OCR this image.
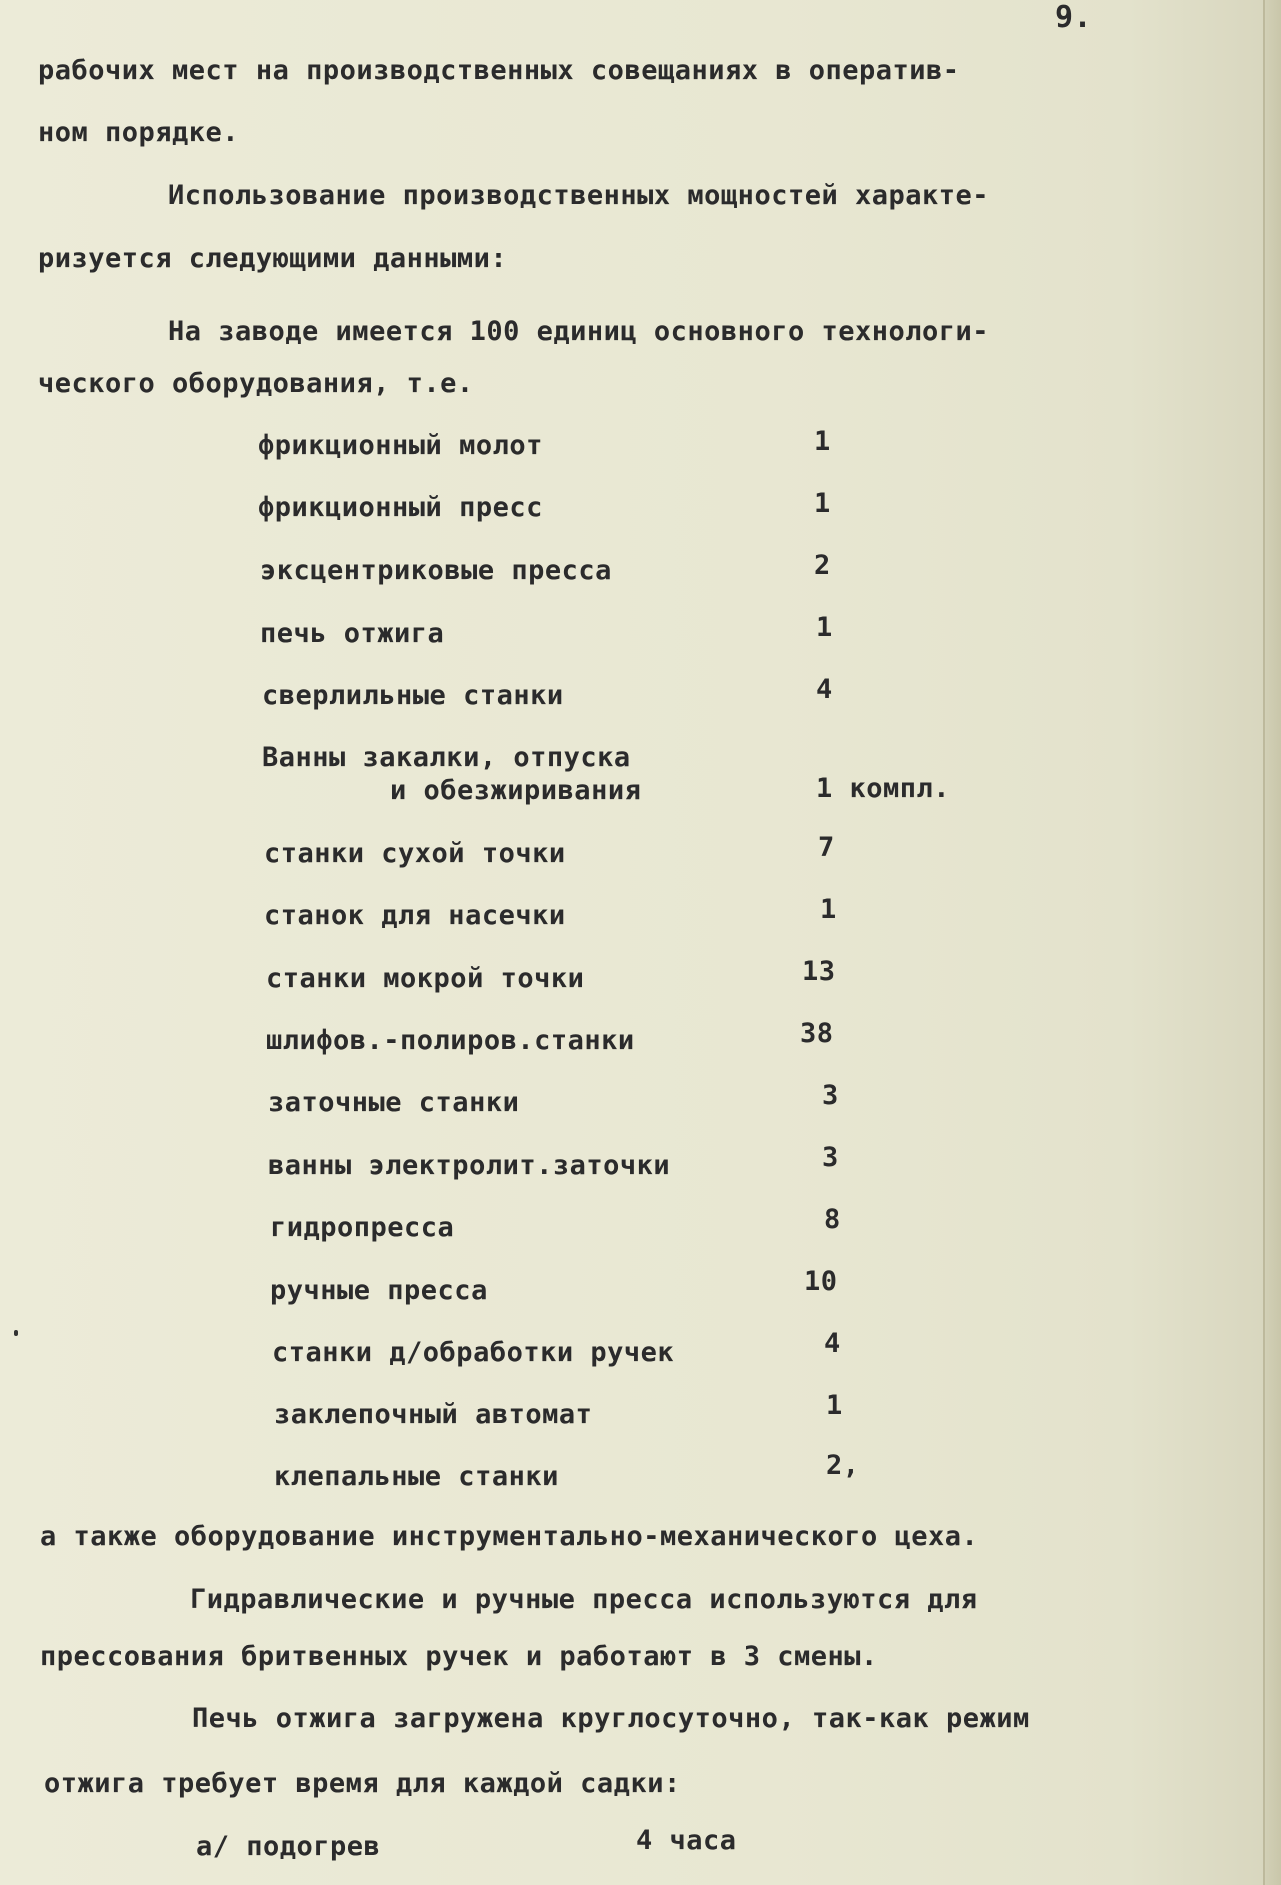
9.
рабочих мест на производственных совещаниях в оператив-
ном порядке.
Использование производственных мощностей характе-
ризуется следующими данными:
На заводе имеется 100 единиц основного технологи-
ческого оборудования, т.е.
фрикционный молот	1
фрикционный пресс	1
эксцентриковые пресса	2
печь отжига	1
сверлильные станки	4
Ванны закалки, отпуска
и обезжиривания	1 компл.
станки сухой точки	7
станок для насечки	1
станки мокрой точки	13
шлифов.-полиров.станки	38
заточные станки	3
ванны электролит.заточки	3
гидропресса	8
ручные пресса	10
станки д/обработки ручек	4
заклепочный автомат	1
клепальные станки	2,
а также оборудование инструментально-механического цеха.
Гидравлические и ручные пресса используются для
прессования бритвенных ручек и работают в 3 смены.
Печь отжига загружена круглосуточно, так-как режим
отжига требует время для каждой садки:
а/ подогрев	4 часа
